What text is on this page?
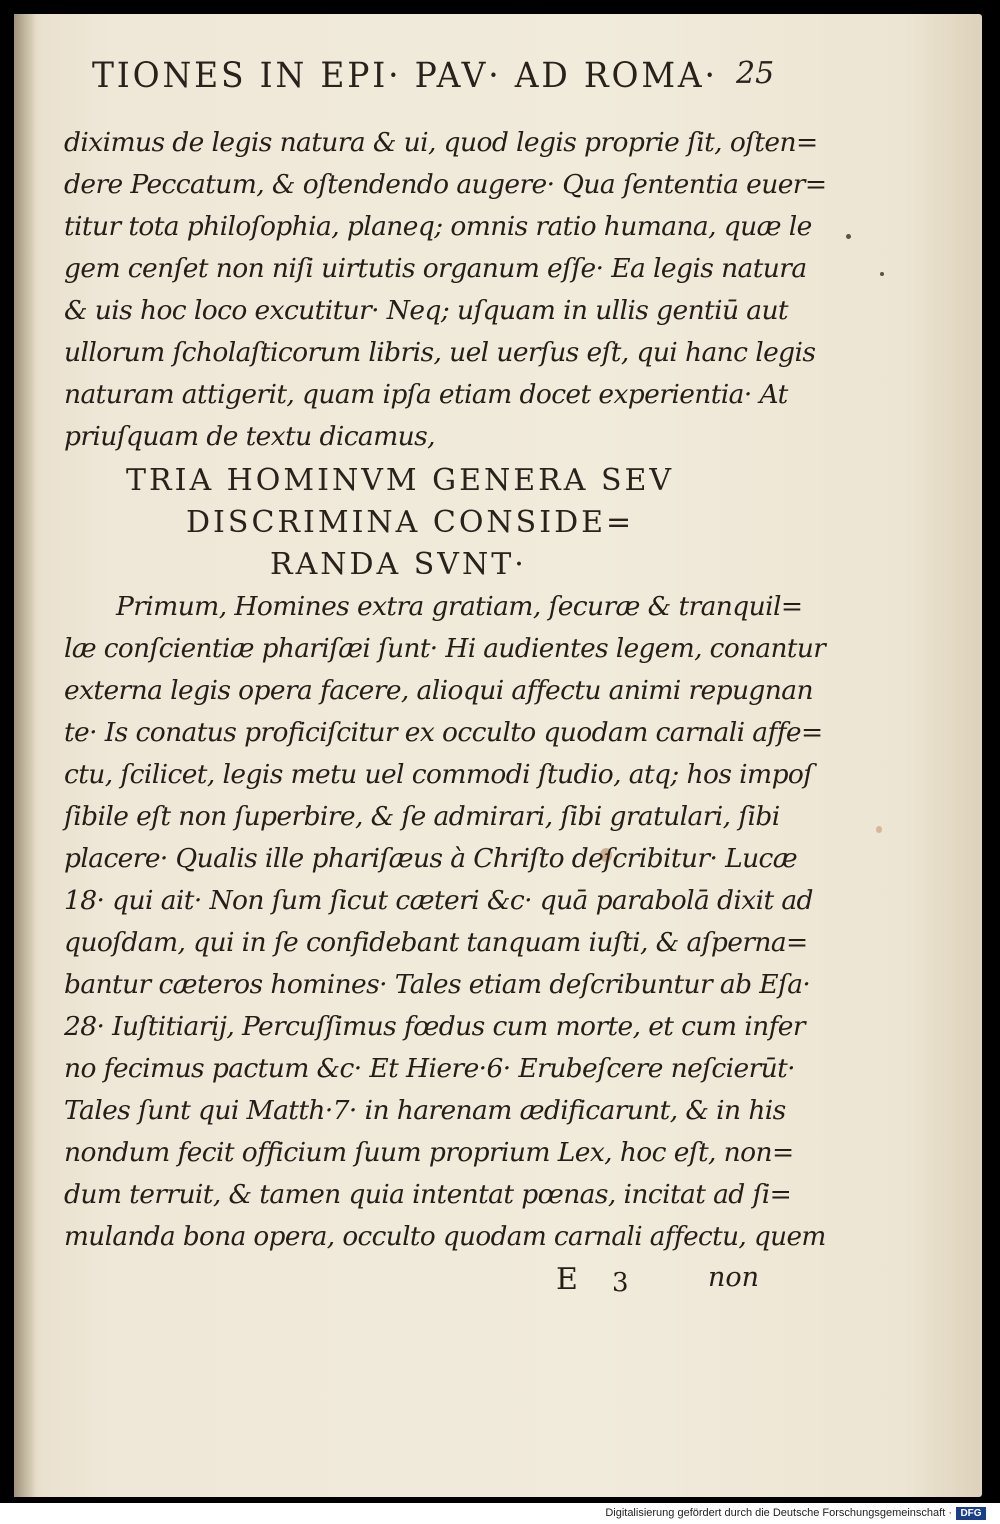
TIONES IN EPI· PAV· AD ROMA· 25
diximus de legis natura & ui, quod legis proprie ſit, oſten=
dere Peccatum, & oſtendendo augere· Qua ſententia euer=
titur tota philoſophia, planeq; omnis ratio humana, quæ le
gem cenſet non niſi uirtutis organum eſſe· Ea legis natura
& uis hoc loco excutitur· Neq; uſquam in ullis gentiū aut
ullorum ſcholaſticorum libris, uel uerſus eſt, qui hanc legis
naturam attigerit, quam ipſa etiam docet experientia· At
priuſquam de textu dicamus,
TRIA HOMINVM GENERA SEV
DISCRIMINA CONSIDE=
RANDA SVNT·
Primum, Homines extra gratiam, ſecuræ & tranquil=
læ conſcientiæ phariſæi ſunt· Hi audientes legem, conantur
externa legis opera facere, alioqui affectu animi repugnan
te· Is conatus proficiſcitur ex occulto quodam carnali affe=
ctu, ſcilicet, legis metu uel commodi ſtudio, atq; hos impoſ
ſibile eſt non ſuperbire, & ſe admirari, ſibi gratulari, ſibi
placere· Qualis ille phariſæus à Chriſto deſcribitur· Lucæ
18· qui ait· Non ſum ſicut cæteri &c· quā parabolā dixit ad
quoſdam, qui in ſe confidebant tanquam iuſti, & aſperna=
bantur cæteros homines· Tales etiam deſcribuntur ab Eſa·
28· Iuſtitiarij, Percuſſimus fœdus cum morte, et cum infer
no fecimus pactum &c· Et Hiere·6· Erubeſcere neſcierūt·
Tales ſunt qui Matth·7· in harenam ædificarunt, & in his
nondum fecit officium ſuum proprium Lex, hoc eſt, non=
dum terruit, & tamen quia intentat pœnas, incitat ad ſi=
mulanda bona opera, occulto quodam carnali affectu, quem
E 3	non
Digitalisierung gefördert durch die Deutsche Forschungsgemeinschaft · DFG
